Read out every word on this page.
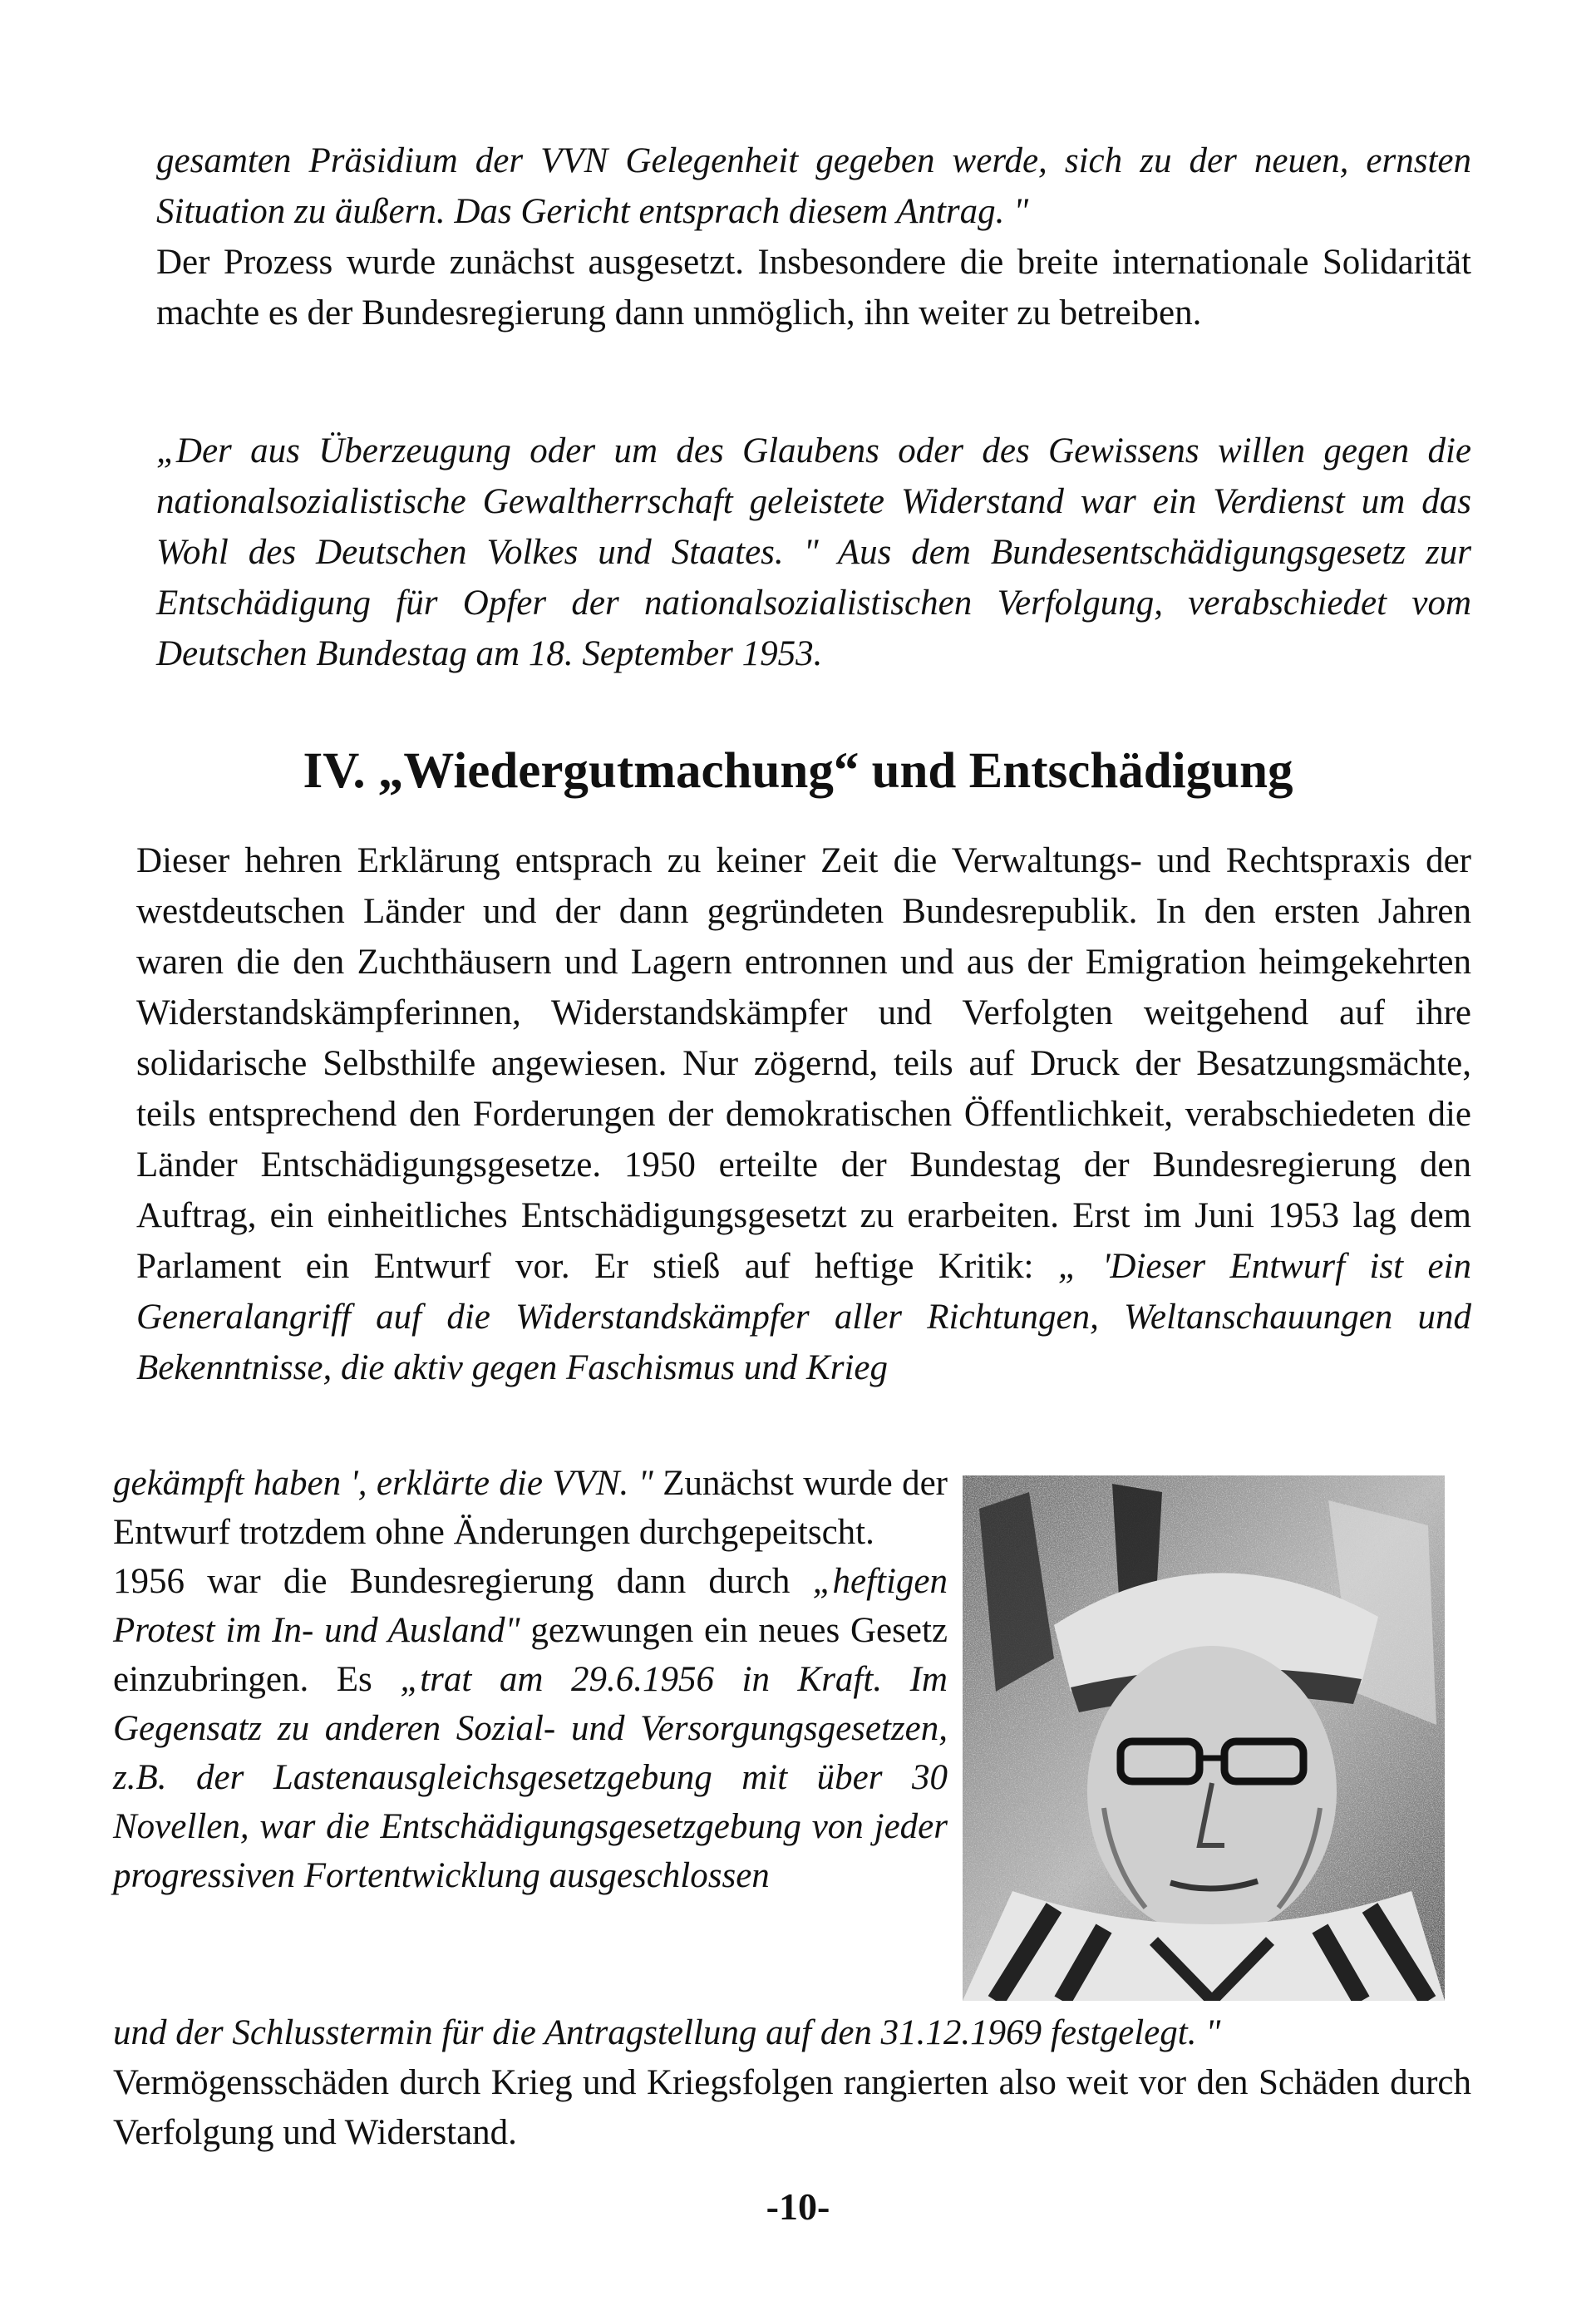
gesamten Präsidium der VVN Gelegenheit gegeben werde, sich zu der neuen, ernsten Situation zu äußern. Das Gericht entsprach diesem Antrag. "
Der Prozess wurde zunächst ausgesetzt. Insbesondere die breite internationale Solidarität machte es der Bundesregierung dann unmöglich, ihn weiter zu betreiben.

„Der aus Überzeugung oder um des Glaubens oder des Gewissens willen gegen die nationalsozialistische Gewaltherrschaft geleistete Widerstand war ein Verdienst um das Wohl des Deutschen Volkes und Staates. " Aus dem Bundesentschädigungsgesetz zur Entschädigung für Opfer der nationalsozialistischen Verfolgung, verabschiedet vom Deutschen Bundestag am 18. September 1953.
IV. „Wiedergutmachung“ und Entschädigung

Dieser hehren Erklärung entsprach zu keiner Zeit die Verwaltungs- und Rechtspraxis der westdeutschen Länder und der dann gegründeten Bundesrepublik. In den ersten Jahren waren die den Zuchthäusern und Lagern entronnen und aus der Emigration heimgekehrten Widerstandskämpferinnen, Widerstandskämpfer und Verfolgten weitgehend auf ihre solidarische Selbsthilfe angewiesen. Nur zögernd, teils auf Druck der Besatzungsmächte, teils entsprechend den Forderungen der demokratischen Öffentlichkeit, verabschiedeten die Länder Entschädigungsgesetze. 1950 erteilte der Bundestag der Bundesregierung den Auftrag, ein einheitliches Entschädigungsgesetzt zu erarbeiten. Erst im Juni 1953 lag dem Parlament ein Entwurf vor. Er stieß auf heftige Kritik: „ 'Dieser Entwurf ist ein Generalangriff auf die Widerstandskämpfer aller Richtungen, Weltanschauungen und Bekenntnisse, die aktiv gegen Faschismus und Krieg

gekämpft haben ', erklärte die VVN. " Zunächst wurde der Entwurf trotzdem ohne Änderungen durchgepeitscht.

1956 war die Bundesregierung dann durch „heftigen Protest im In- und Ausland" gezwungen ein neues Gesetz einzubringen. Es „trat am 29.6.1956 in Kraft. Im Gegensatz zu anderen Sozial- und Versorgungsgesetzen, z.B. der Lastenausgleichsgesetzgebung mit über 30 Novellen, war die Entschädigungsgesetzgebung von jeder progressiven Fortentwicklung ausgeschlossen

und der Schlusstermin für die Antragstellung auf den 31.12.1969 festgelegt. "
Vermögensschäden durch Krieg und Kriegsfolgen rangierten also weit vor den Schäden durch Verfolgung und Widerstand.

-10-
